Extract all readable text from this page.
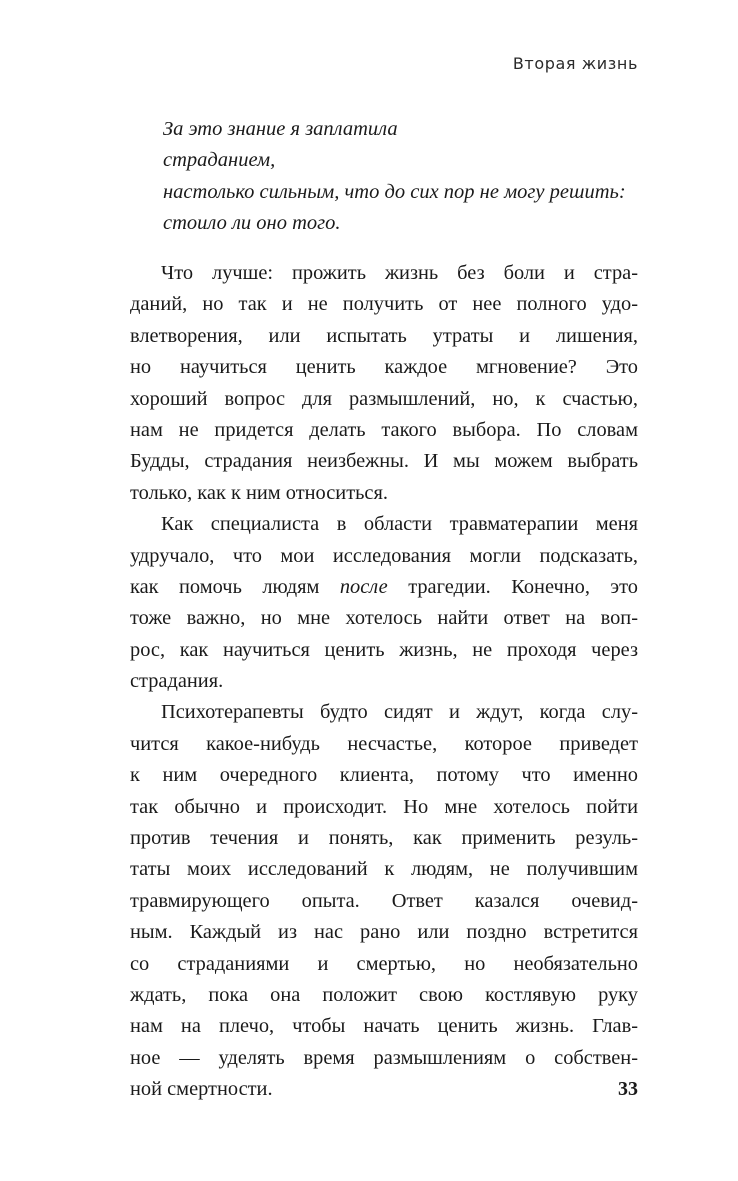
Вторая жизнь
За это знание я заплатила
страданием,
настолько сильным, что до сих пор не могу решить:
стоило ли оно того.
Что лучше: прожить жизнь без боли и стра-
даний, но так и не получить от нее полного удо-
влетворения, или испытать утраты и лишения,
но научиться ценить каждое мгновение? Это
хороший вопрос для размышлений, но, к счастью,
нам не придется делать такого выбора. По словам
Будды, страдания неизбежны. И мы можем выбрать
только, как к ним относиться.
Как специалиста в области травматерапии меня
удручало, что мои исследования могли подсказать,
как помочь людям после трагедии. Конечно, это
тоже важно, но мне хотелось найти ответ на воп-
рос, как научиться ценить жизнь, не проходя через
страдания.
Психотерапевты будто сидят и ждут, когда слу-
чится какое-нибудь несчастье, которое приведет
к ним очередного клиента, потому что именно
так обычно и происходит. Но мне хотелось пойти
против течения и понять, как применить резуль-
таты моих исследований к людям, не получившим
травмирующего опыта. Ответ казался очевид-
ным. Каждый из нас рано или поздно встретится
со страданиями и смертью, но необязательно
ждать, пока она положит свою костлявую руку
нам на плечо, чтобы начать ценить жизнь. Глав-
ное — уделять время размышлениям о собствен-
ной смертности.	33
